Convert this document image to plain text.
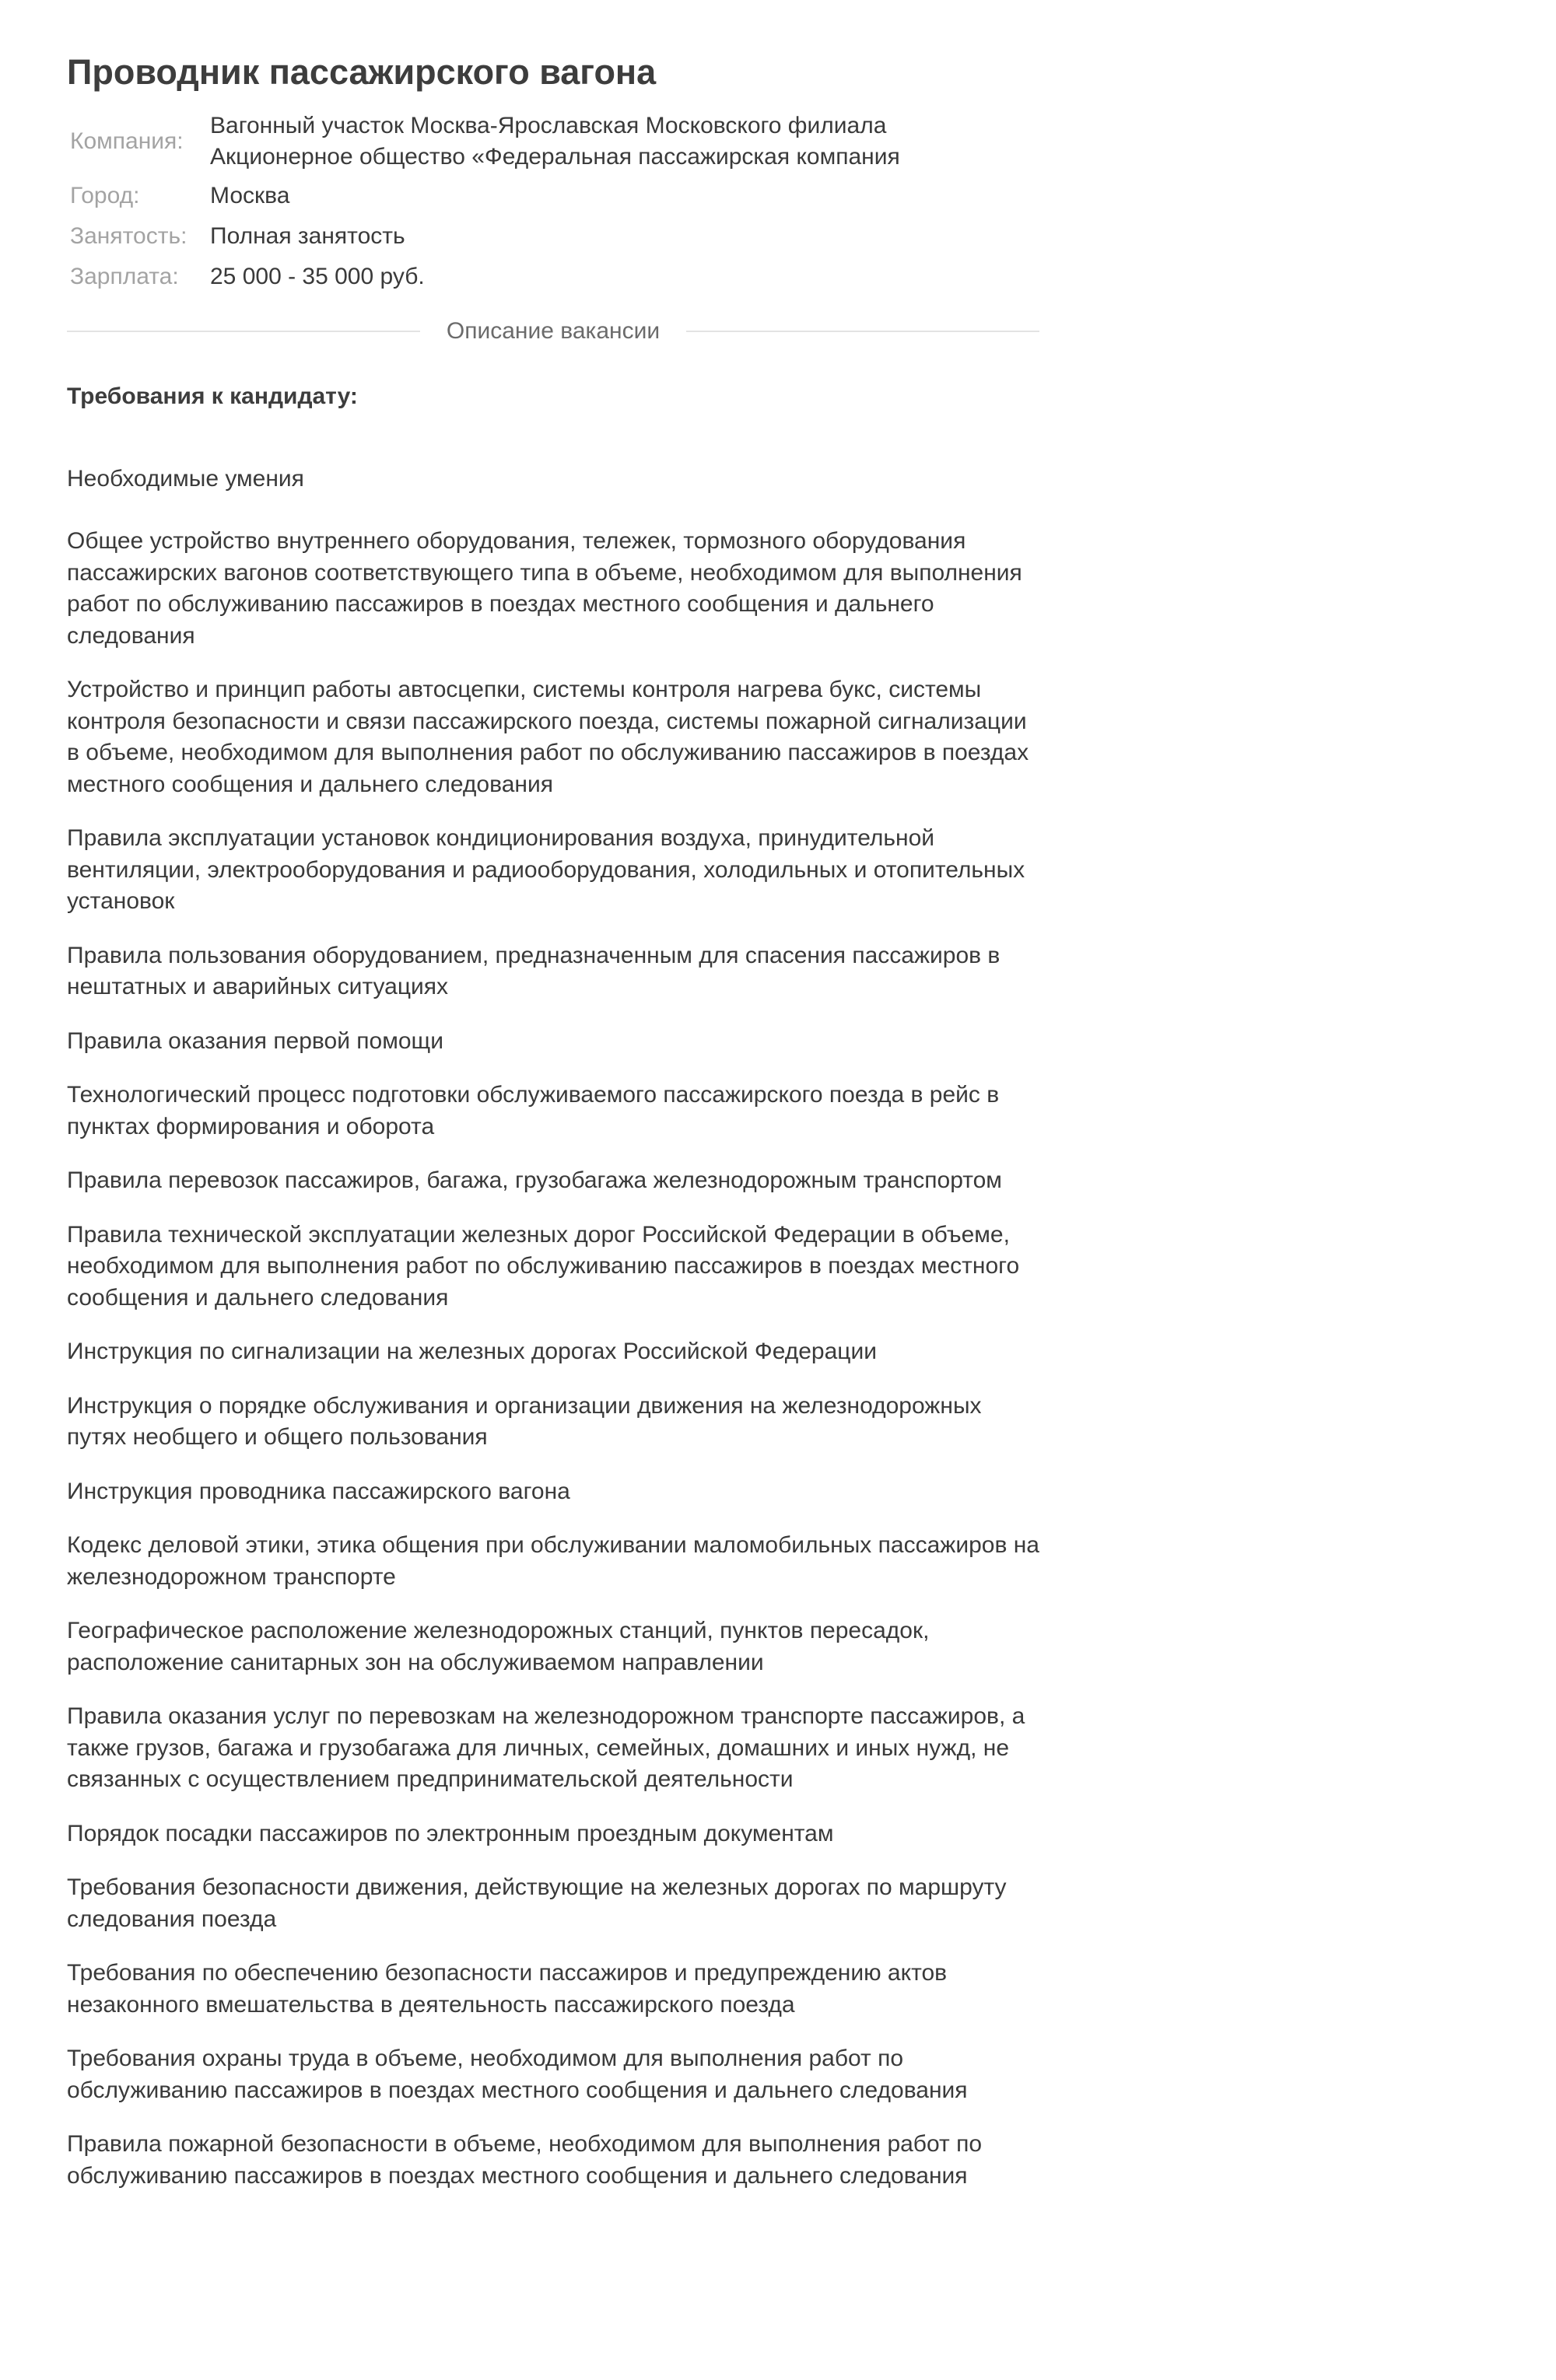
Проводник пассажирского вагона
Компания:	Вагонный участок Москва-Ярославская Московского филиала
Акционерное общество «Федеральная пассажирская компания

Город:	Москва
Занятость:	Полная занятость
Зарплата:	25 000 - 35 000 руб.
Описание вакансии
Требования к кандидату:
Необходимые умения
Общее устройство внутреннего оборудования, тележек, тормозного оборудования пассажирских вагонов соответствующего типа в объеме, необходимом для выполнения работ по обслуживанию пассажиров в поездах местного сообщения и дальнего следования
Устройство и принцип работы автосцепки, системы контроля нагрева букс, системы контроля безопасности и связи пассажирского поезда, системы пожарной сигнализации в объеме, необходимом для выполнения работ по обслуживанию пассажиров в поездах местного сообщения и дальнего следования
Правила эксплуатации установок кондиционирования воздуха, принудительной вентиляции, электрооборудования и радиооборудования, холодильных и отопительных установок
Правила пользования оборудованием, предназначенным для спасения пассажиров в нештатных и аварийных ситуациях
Правила оказания первой помощи
Технологический процесс подготовки обслуживаемого пассажирского поезда в рейс в пунктах формирования и оборота
Правила перевозок пассажиров, багажа, грузобагажа железнодорожным транспортом
Правила технической эксплуатации железных дорог Российской Федерации в объеме, необходимом для выполнения работ по обслуживанию пассажиров в поездах местного сообщения и дальнего следования
Инструкция по сигнализации на железных дорогах Российской Федерации
Инструкция о порядке обслуживания и организации движения на железнодорожных путях необщего и общего пользования
Инструкция проводника пассажирского вагона
Кодекс деловой этики, этика общения при обслуживании маломобильных пассажиров на железнодорожном транспорте
Географическое расположение железнодорожных станций, пунктов пересадок, расположение санитарных зон на обслуживаемом направлении
Правила оказания услуг по перевозкам на железнодорожном транспорте пассажиров, а также грузов, багажа и грузобагажа для личных, семейных, домашних и иных нужд, не связанных с осуществлением предпринимательской деятельности
Порядок посадки пассажиров по электронным проездным документам
Требования безопасности движения, действующие на железных дорогах по маршруту следования поезда
Требования по обеспечению безопасности пассажиров и предупреждению актов незаконного вмешательства в деятельность пассажирского поезда
Требования охраны труда в объеме, необходимом для выполнения работ по обслуживанию пассажиров в поездах местного сообщения и дальнего следования
Правила пожарной безопасности в объеме, необходимом для выполнения работ по обслуживанию пассажиров в поездах местного сообщения и дальнего следования
